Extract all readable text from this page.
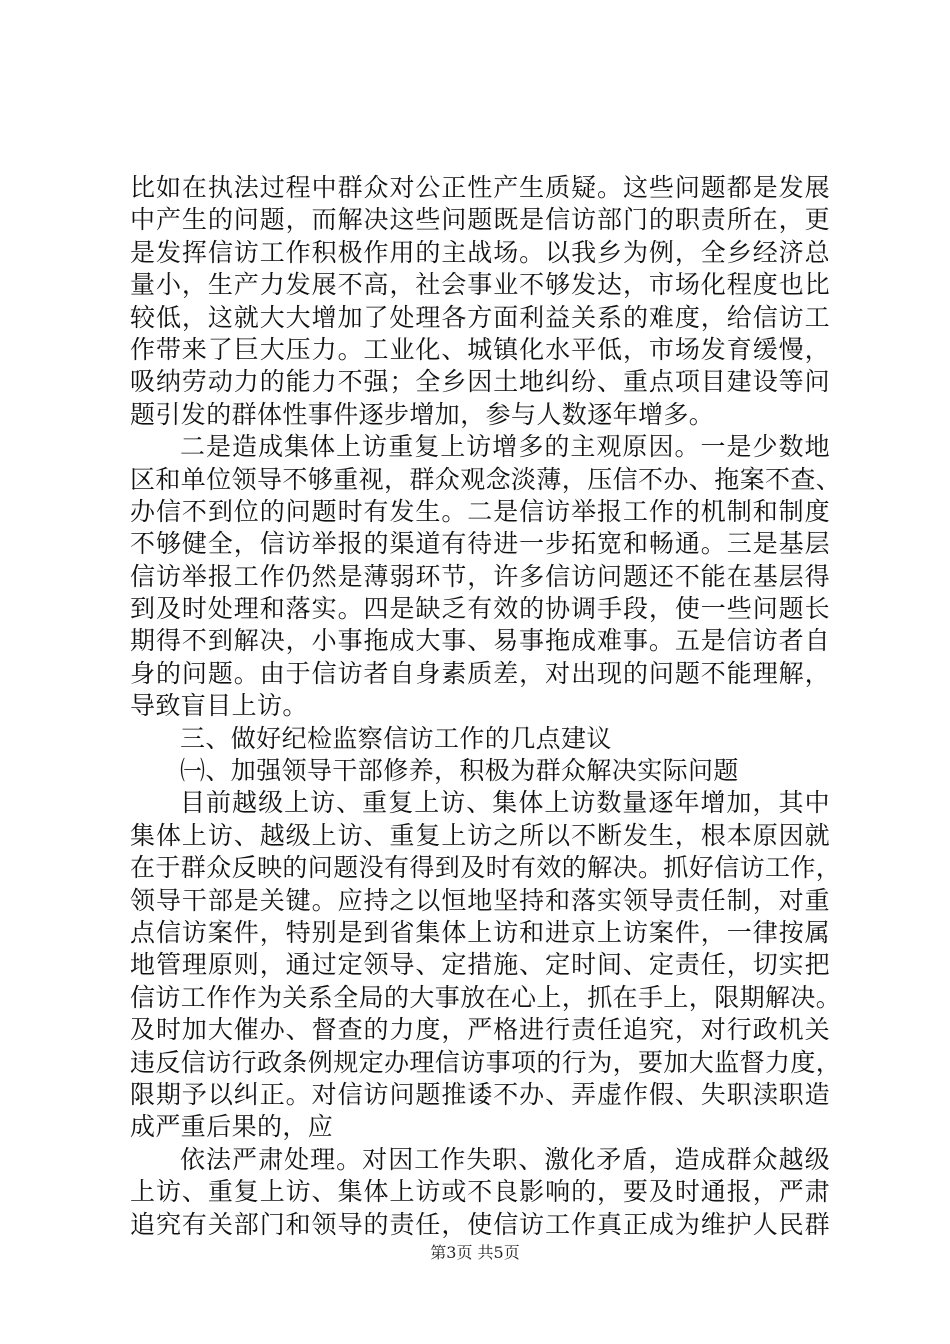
比如在执法过程中群众对公正性产生质疑。这些问题都是发展
中产生的问题，而解决这些问题既是信访部门的职责所在，更
是发挥信访工作积极作用的主战场。以我乡为例，全乡经济总
量小，生产力发展不高，社会事业不够发达，市场化程度也比
较低，这就大大增加了处理各方面利益关系的难度，给信访工
作带来了巨大压力。工业化、城镇化水平低，市场发育缓慢，
吸纳劳动力的能力不强；全乡因土地纠纷、重点项目建设等问
题引发的群体性事件逐步增加，参与人数逐年增多。
二是造成集体上访重复上访增多的主观原因。一是少数地
区和单位领导不够重视，群众观念淡薄，压信不办、拖案不查、
办信不到位的问题时有发生。二是信访举报工作的机制和制度
不够健全，信访举报的渠道有待进一步拓宽和畅通。三是基层
信访举报工作仍然是薄弱环节，许多信访问题还不能在基层得
到及时处理和落实。四是缺乏有效的协调手段，使一些问题长
期得不到解决，小事拖成大事、易事拖成难事。五是信访者自
身的问题。由于信访者自身素质差，对出现的问题不能理解，
导致盲目上访。
三、做好纪检监察信访工作的几点建议
㈠、加强领导干部修养，积极为群众解决实际问题
目前越级上访、重复上访、集体上访数量逐年增加，其中
集体上访、越级上访、重复上访之所以不断发生，根本原因就
在于群众反映的问题没有得到及时有效的解决。抓好信访工作，
领导干部是关键。应持之以恒地坚持和落实领导责任制，对重
点信访案件，特别是到省集体上访和进京上访案件，一律按属
地管理原则，通过定领导、定措施、定时间、定责任，切实把
信访工作作为关系全局的大事放在心上，抓在手上，限期解决。
及时加大催办、督查的力度，严格进行责任追究，对行政机关
违反信访行政条例规定办理信访事项的行为，要加大监督力度，
限期予以纠正。对信访问题推诿不办、弄虚作假、失职渎职造
成严重后果的，应
依法严肃处理。对因工作失职、激化矛盾，造成群众越级
上访、重复上访、集体上访或不良影响的，要及时通报，严肃
追究有关部门和领导的责任，使信访工作真正成为维护人民群
第3页 共5页
